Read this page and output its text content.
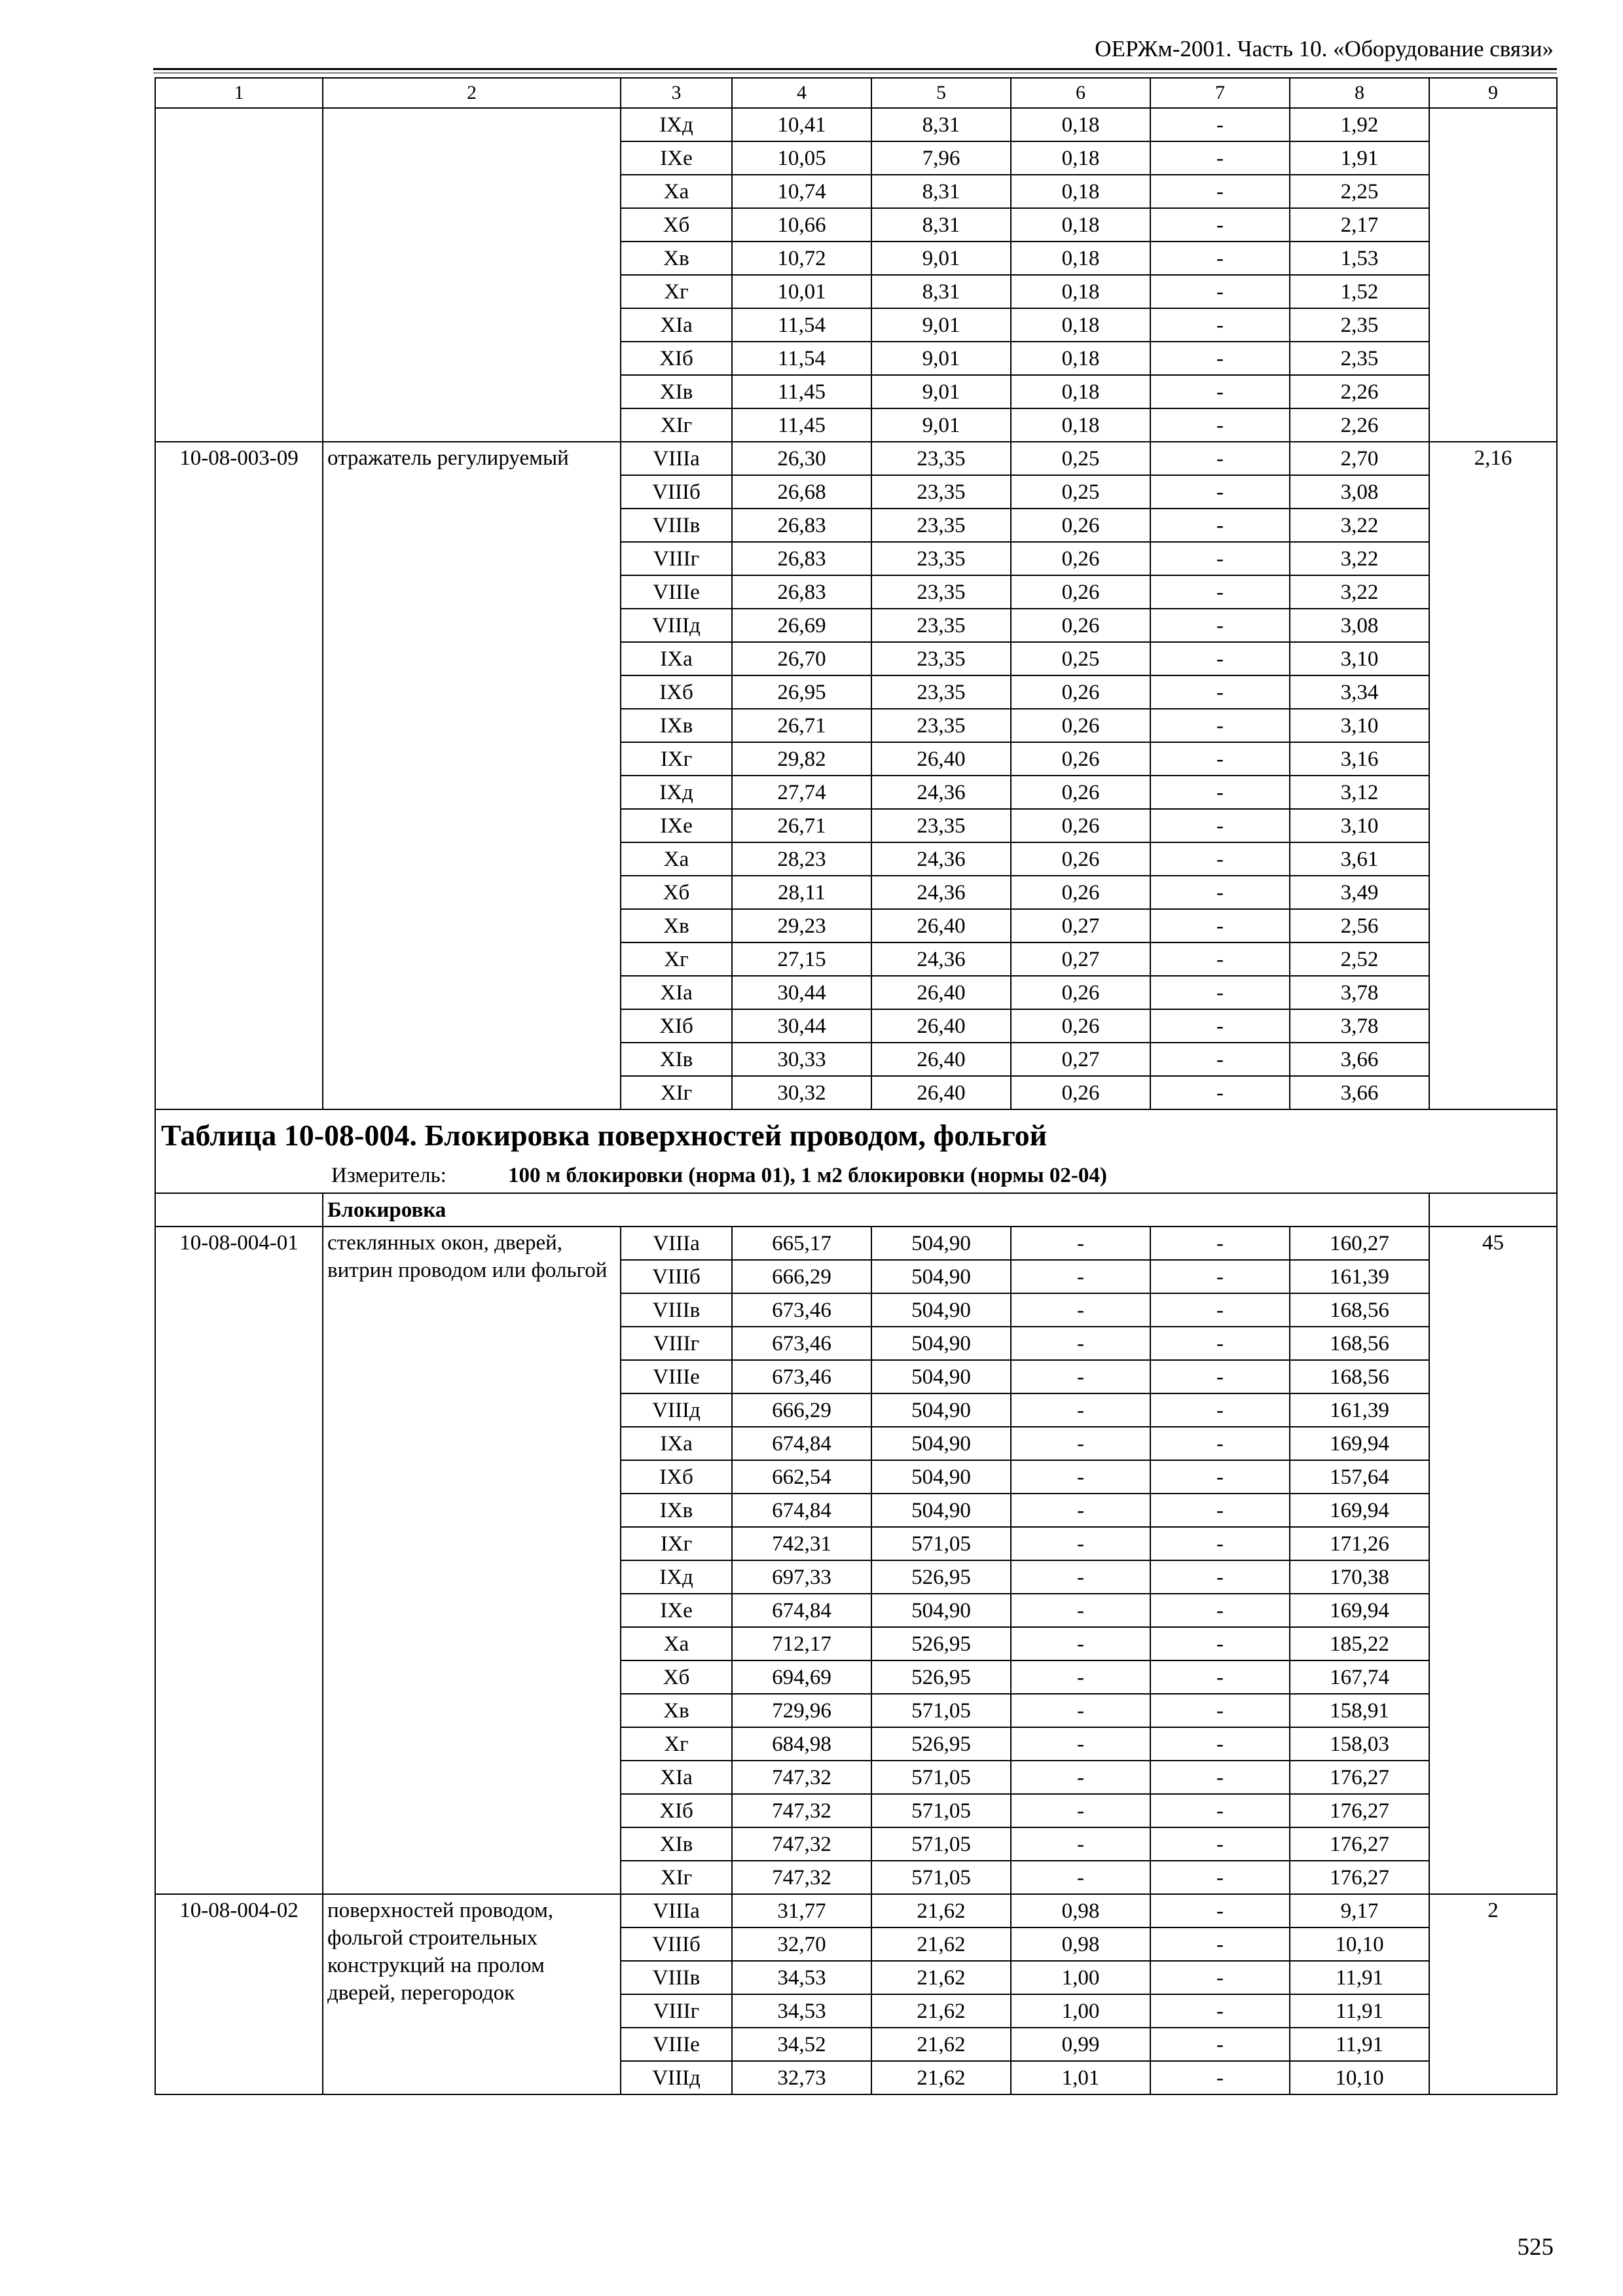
ОЕРЖм-2001. Часть 10. «Оборудование связи»
1	2	3	4	5	6	7	8	9
		IXд	10,41	8,31	0,18	-	1,92	
		IXе	10,05	7,96	0,18	-	1,91	
		Xа	10,74	8,31	0,18	-	2,25	
		Xб	10,66	8,31	0,18	-	2,17	
		Xв	10,72	9,01	0,18	-	1,53	
		Xг	10,01	8,31	0,18	-	1,52	
		XIа	11,54	9,01	0,18	-	2,35	
		XIб	11,54	9,01	0,18	-	2,35	
		XIв	11,45	9,01	0,18	-	2,26	
		XIг	11,45	9,01	0,18	-	2,26	
10-08-003-09	отражатель регулируемый	VIIIа	26,30	23,35	0,25	-	2,70	2,16
		VIIIб	26,68	23,35	0,25	-	3,08	
		VIIIв	26,83	23,35	0,26	-	3,22	
		VIIIг	26,83	23,35	0,26	-	3,22	
		VIIIе	26,83	23,35	0,26	-	3,22	
		VIIIд	26,69	23,35	0,26	-	3,08	
		IXа	26,70	23,35	0,25	-	3,10	
		IXб	26,95	23,35	0,26	-	3,34	
		IXв	26,71	23,35	0,26	-	3,10	
		IXг	29,82	26,40	0,26	-	3,16	
		IXд	27,74	24,36	0,26	-	3,12	
		IXе	26,71	23,35	0,26	-	3,10	
		Xа	28,23	24,36	0,26	-	3,61	
		Xб	28,11	24,36	0,26	-	3,49	
		Xв	29,23	26,40	0,27	-	2,56	
		Xг	27,15	24,36	0,27	-	2,52	
		XIа	30,44	26,40	0,26	-	3,78	
		XIб	30,44	26,40	0,26	-	3,78	
		XIв	30,33	26,40	0,27	-	3,66	
		XIг	30,32	26,40	0,26	-	3,66	
Таблица 10-08-004. Блокировка поверхностей проводом, фольгой								
Измеритель: 100 м блокировки (норма 01), 1 м2 блокировки (нормы 02-04)								
	Блокировка							
10-08-004-01	стеклянных окон, дверей, витрин проводом или фольгой	VIIIа	665,17	504,90	-	-	160,27	45
		VIIIб	666,29	504,90	-	-	161,39	
		VIIIв	673,46	504,90	-	-	168,56	
		VIIIг	673,46	504,90	-	-	168,56	
		VIIIе	673,46	504,90	-	-	168,56	
		VIIIд	666,29	504,90	-	-	161,39	
		IXа	674,84	504,90	-	-	169,94	
		IXб	662,54	504,90	-	-	157,64	
		IXв	674,84	504,90	-	-	169,94	
		IXг	742,31	571,05	-	-	171,26	
		IXд	697,33	526,95	-	-	170,38	
		IXе	674,84	504,90	-	-	169,94	
		Xа	712,17	526,95	-	-	185,22	
		Xб	694,69	526,95	-	-	167,74	
		Xв	729,96	571,05	-	-	158,91	
		Xг	684,98	526,95	-	-	158,03	
		XIа	747,32	571,05	-	-	176,27	
		XIб	747,32	571,05	-	-	176,27	
		XIв	747,32	571,05	-	-	176,27	
		XIг	747,32	571,05	-	-	176,27	
10-08-004-02	поверхностей проводом, фольгой строительных конструкций на пролом дверей, перегородок	VIIIа	31,77	21,62	0,98	-	9,17	2
		VIIIб	32,70	21,62	0,98	-	10,10	
		VIIIв	34,53	21,62	1,00	-	11,91	
		VIIIг	34,53	21,62	1,00	-	11,91	
		VIIIе	34,52	21,62	0,99	-	11,91	
		VIIIд	32,73	21,62	1,01	-	10,10	
525
